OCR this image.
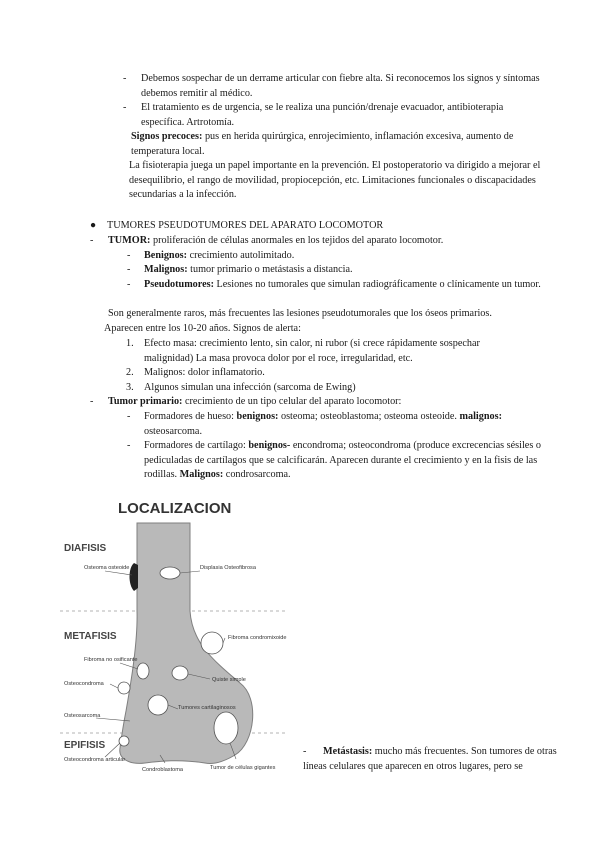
- Debemos sospechar de un derrame articular con fiebre alta. Si reconocemos los signos y síntomas debemos remitir al médico.
- El tratamiento es de urgencia, se le realiza una punción/drenaje evacuador, antibioterapia específica. Artrotomía.
Signos precoces: pus en herida quirúrgica, enrojecimiento, inflamación excesiva, aumento de temperatura local.
La fisioterapia juega un papel importante en la prevención. El postoperatorio va dirigido a mejorar el desequilibrio, el rango de movilidad, propiocepción, etc. Limitaciones funcionales o discapacidades secundarias a la infección.
● TUMORES PSEUDOTUMORES DEL APARATO LOCOMOTOR
- TUMOR: proliferación de células anormales en los tejidos del aparato locomotor.
- Benignos: crecimiento autolimitado.
- Malignos: tumor primario o metástasis a distancia.
- Pseudotumores: Lesiones no tumorales que simulan radiográficamente o clínicamente un tumor.
Son generalmente raros, más frecuentes las lesiones pseudotumorales que los óseos primarios.
Aparecen entre los 10-20 años. Signos de alerta:
1. Efecto masa: crecimiento lento, sin calor, ni rubor (si crece rápidamente sospechar malignidad) La masa provoca dolor por el roce, irregularidad, etc.
2. Malignos: dolor inflamatorio.
3. Algunos simulan una infección (sarcoma de Ewing)
- Tumor primario: crecimiento de un tipo celular del aparato locomotor:
- Formadores de hueso: benignos: osteoma; osteoblastoma; osteoma osteoide. malignos: osteosarcoma.
- Formadores de cartílago: benignos- encondroma; osteocondroma (produce excrecencias sésiles o pediculadas de cartílagos que se calcificarán. Aparecen durante el crecimiento y en la fisis de las rodillas. Malignos: condrosarcoma.
LOCALIZACION
DIAFISIS
METAFISIS
EPIFISIS
Osteoma osteoide	Displasia Osteofibrosa
Fibroma condromixoide
Fibroma no osificante
Osteocondroma
Quiste simple
Tumores cartilaginosos
Osteosarcoma
Osteocondroma articular
Condroblastoma	Tumor de células gigantes
-	Metástasis: mucho más frecuentes. Son tumores de otras líneas celulares que aparecen en otros lugares, pero se
